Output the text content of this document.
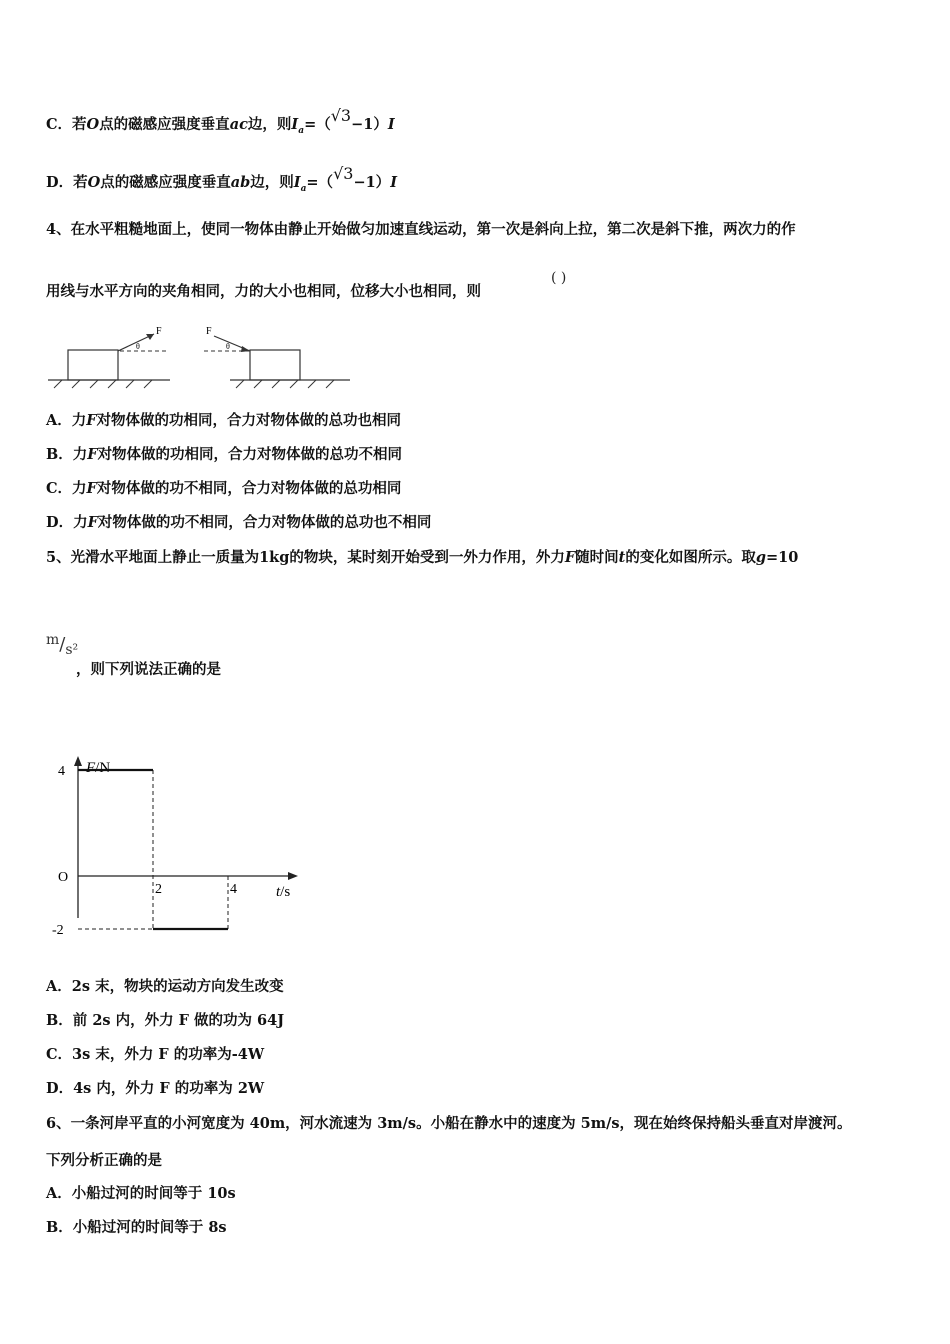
C．若O点的磁感应强度垂直ac边，则$I_a=(√3-1)I$
D．若O点的磁感应强度垂直ab边，则$I_a=(√3-1)I$
4、在水平粗糙地面上，使同一物体由静止开始做匀加速直线运动，第一次是斜向上拉，第二次是斜下推，两次力的作
用线与水平方向的夹角相同，力的大小也相同，位移大小也相同，则
( )
F
θ
F
θ
A．力F对物体做的功相同，合力对物体做的总功也相同
B．力F对物体做的功相同，合力对物体做的总功不相同
C．力F对物体做的功不相同，合力对物体做的总功相同
D．力F对物体做的功不相同，合力对物体做的总功也不相同
5、光滑水平地面上静止一质量为1kg的物块，某时刻开始受到一外力作用，外力F随时间t的变化如图所示。取g=10
m/s²
，则下列说法正确的是
F/N
t/s
4
O
-2
2	4
A．2s 末，物块的运动方向发生改变
B．前 2s 内，外力 F 做的功为 64J
C．3s 末，外力 F 的功率为-4W
D．4s 内，外力 F 的功率为 2W
6、一条河岸平直的小河宽度为 40m，河水流速为 3m/s。小船在静水中的速度为 5m/s，现在始终保持船头垂直对岸渡河。
下列分析正确的是
A．小船过河的时间等于 10s
B．小船过河的时间等于 8s
